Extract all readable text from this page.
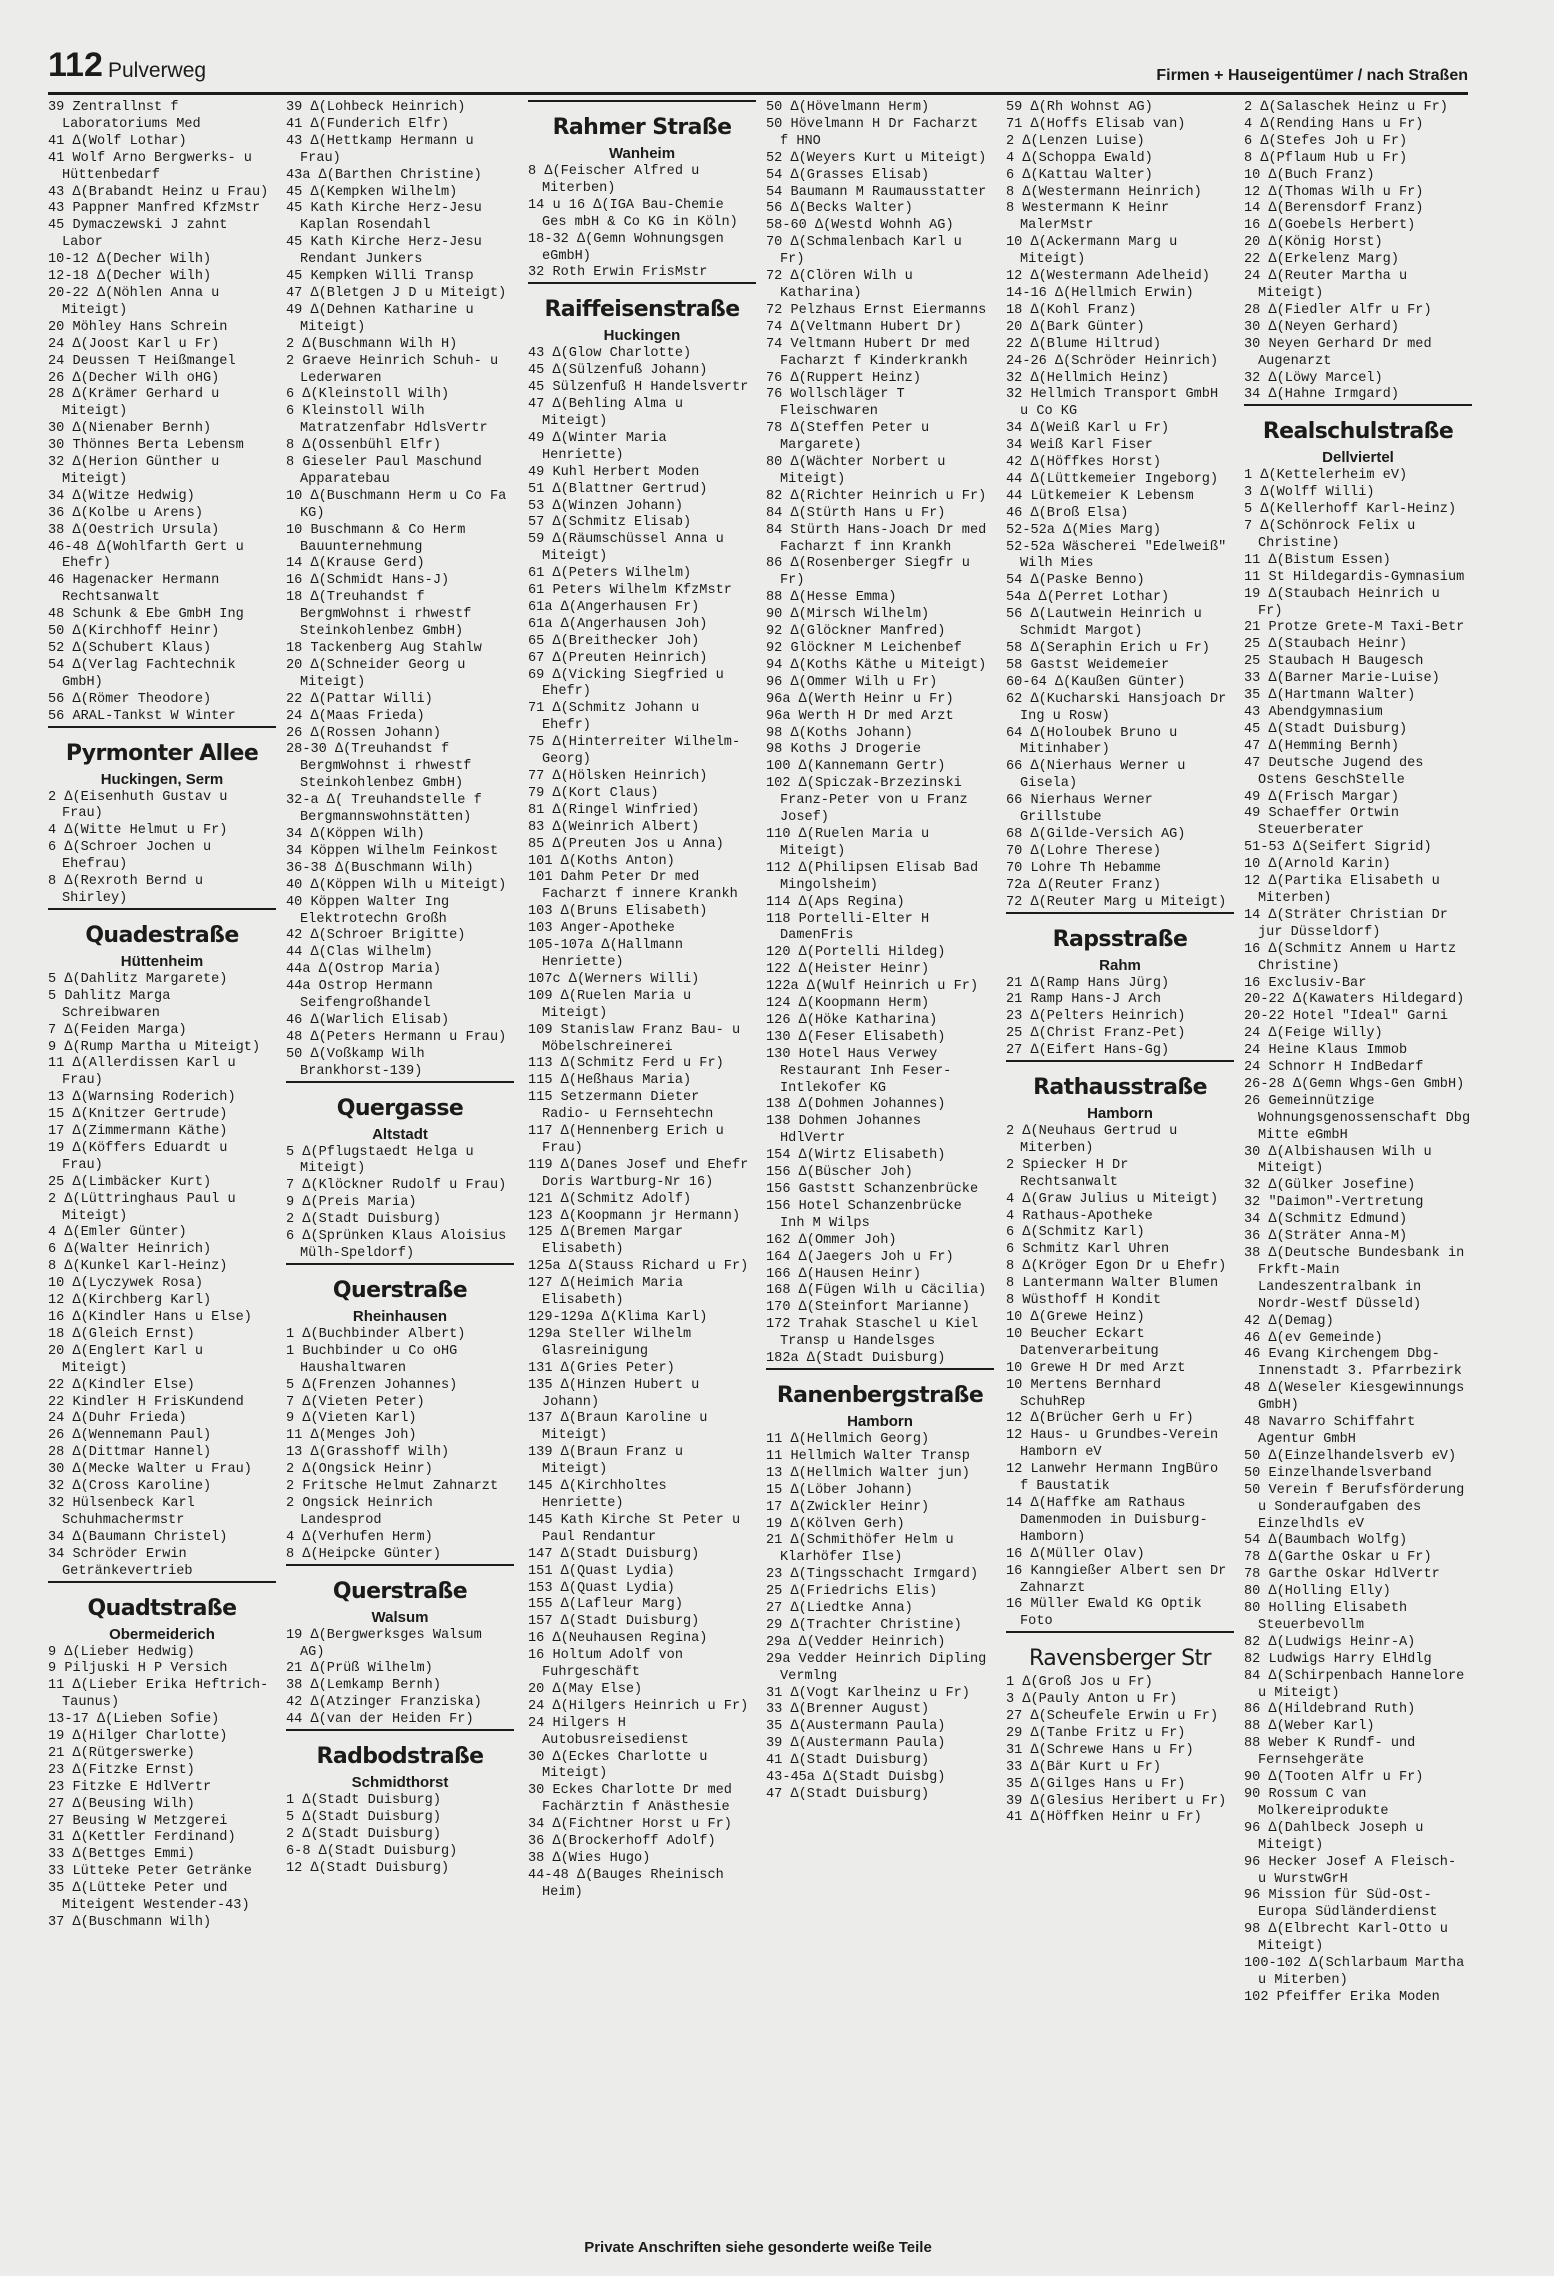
112 Pulverweg	Firmen + Hauseigentümer / nach Straßen
39 Zentrallnst f Laboratoriums Med
41 ∆(Wolf Lothar)
41 Wolf Arno Bergwerks- u Hüttenbedarf
43 ∆(Brabandt Heinz u Frau)
43 Pappner Manfred KfzMstr
45 Dymaczewski J zahnt Labor
10-12 ∆(Decher Wilh)
12-18 ∆(Decher Wilh)
20-22 ∆(Nöhlen Anna u Miteigt)
20 Möhley Hans Schrein
24 ∆(Joost Karl u Fr)
24 Deussen T Heißmangel
26 ∆(Decher Wilh oHG)
28 ∆(Krämer Gerhard u Miteigt)
30 ∆(Nienaber Bernh)
30 Thönnes Berta Lebensm
32 ∆(Herion Günther u Miteigt)
34 ∆(Witze Hedwig)
36 ∆(Kolbe u Arens)
38 ∆(Oestrich Ursula)
46-48 ∆(Wohlfarth Gert u Ehefr)
46 Hagenacker Hermann Rechtsanwalt
48 Schunk & Ebe GmbH Ing
50 ∆(Kirchhoff Heinr)
52 ∆(Schubert Klaus)
54 ∆(Verlag Fachtechnik GmbH)
56 ∆(Römer Theodore)
56 ARAL-Tankst W Winter
Pyrmonter Allee
Huckingen, Serm
2 ∆(Eisenhuth Gustav u Frau)
4 ∆(Witte Helmut u Fr)
6 ∆(Schroer Jochen u Ehefrau)
8 ∆(Rexroth Bernd u Shirley)
Quadestraße
Hüttenheim
5 ∆(Dahlitz Margarete)
5 Dahlitz Marga Schreibwaren
7 ∆(Feiden Marga)
9 ∆(Rump Martha u Miteigt)
11 ∆(Allerdissen Karl u Frau)
13 ∆(Warnsing Roderich)
15 ∆(Knitzer Gertrude)
17 ∆(Zimmermann Käthe)
19 ∆(Köffers Eduardt u Frau)
25 ∆(Limbäcker Kurt)
2 ∆(Lüttringhaus Paul u Miteigt)
4 ∆(Emler Günter)
6 ∆(Walter Heinrich)
8 ∆(Kunkel Karl-Heinz)
10 ∆(Lyczywek Rosa)
12 ∆(Kirchberg Karl)
16 ∆(Kindler Hans u Else)
18 ∆(Gleich Ernst)
20 ∆(Englert Karl u Miteigt)
22 ∆(Kindler Else)
22 Kindler H FrisKundend
24 ∆(Duhr Frieda)
26 ∆(Wennemann Paul)
28 ∆(Dittmar Hannel)
30 ∆(Mecke Walter u Frau)
32 ∆(Cross Karoline)
32 Hülsenbeck Karl Schuhmachermstr
34 ∆(Baumann Christel)
34 Schröder Erwin Getränkevertrieb
Quadtstraße
Obermeiderich
9 ∆(Lieber Hedwig)
9 Piljuski H P Versich
11 ∆(Lieber Erika Heftrich-Taunus)
13-17 ∆(Lieben Sofie)
19 ∆(Hilger Charlotte)
21 ∆(Rütgerswerke)
23 ∆(Fitzke Ernst)
23 Fitzke E HdlVertr
27 ∆(Beusing Wilh)
27 Beusing W Metzgerei
31 ∆(Kettler Ferdinand)
33 ∆(Bettges Emmi)
33 Lütteke Peter Getränke
35 ∆(Lütteke Peter und Miteigent Westender-43)
37 ∆(Buschmann Wilh)
39 ∆(Lohbeck Heinrich)
41 ∆(Funderich Elfr)
43 ∆(Hettkamp Hermann u Frau)
43a ∆(Barthen Christine)
45 ∆(Kempken Wilhelm)
45 Kath Kirche Herz-Jesu Kaplan Rosendahl
45 Kath Kirche Herz-Jesu Rendant Junkers
45 Kempken Willi Transp
47 ∆(Bletgen J D u Miteigt)
49 ∆(Dehnen Katharine u Miteigt)
2 ∆(Buschmann Wilh H)
2 Graeve Heinrich Schuh- u Lederwaren
6 ∆(Kleinstoll Wilh)
6 Kleinstoll Wilh Matratzenfabr HdlsVertr
8 ∆(Ossenbühl Elfr)
8 Gieseler Paul Maschund Apparatebau
10 ∆(Buschmann Herm u Co Fa KG)
10 Buschmann & Co Herm Bauunternehmung
14 ∆(Krause Gerd)
16 ∆(Schmidt Hans-J)
18 ∆(Treuhandst f BergmWohnst i rhwestf Steinkohlenbez GmbH)
18 Tackenberg Aug Stahlw
20 ∆(Schneider Georg u Miteigt)
22 ∆(Pattar Willi)
24 ∆(Maas Frieda)
26 ∆(Rossen Johann)
28-30 ∆(Treuhandst f BergmWohnst i rhwestf Steinkohlenbez GmbH)
32-a ∆( Treuhandstelle f Bergmannswohnstätten)
34 ∆(Köppen Wilh)
34 Köppen Wilhelm Feinkost
36-38 ∆(Buschmann Wilh)
40 ∆(Köppen Wilh u Miteigt)
40 Köppen Walter Ing Elektrotechn Großh
42 ∆(Schroer Brigitte)
44 ∆(Clas Wilhelm)
44a ∆(Ostrop Maria)
44a Ostrop Hermann Seifengroßhandel
46 ∆(Warlich Elisab)
48 ∆(Peters Hermann u Frau)
50 ∆(Voßkamp Wilh Brankhorst-139)
Quergasse
Altstadt
5 ∆(Pflugstaedt Helga u Miteigt)
7 ∆(Klöckner Rudolf u Frau)
9 ∆(Preis Maria)
2 ∆(Stadt Duisburg)
6 ∆(Sprünken Klaus Aloisius Mülh-Speldorf)
Querstraße
Rheinhausen
1 ∆(Buchbinder Albert)
1 Buchbinder u Co oHG Haushaltwaren
5 ∆(Frenzen Johannes)
7 ∆(Vieten Peter)
9 ∆(Vieten Karl)
11 ∆(Menges Joh)
13 ∆(Grasshoff Wilh)
2 ∆(Ongsick Heinr)
2 Fritsche Helmut Zahnarzt
2 Ongsick Heinrich Landesprod
4 ∆(Verhufen Herm)
8 ∆(Heipcke Günter)
Querstraße
Walsum
19 ∆(Bergwerksges Walsum AG)
21 ∆(Prüß Wilhelm)
38 ∆(Lemkamp Bernh)
42 ∆(Atzinger Franziska)
44 ∆(van der Heiden Fr)
Radbodstraße
Schmidthorst
1 ∆(Stadt Duisburg)
5 ∆(Stadt Duisburg)
2 ∆(Stadt Duisburg)
6-8 ∆(Stadt Duisburg)
12 ∆(Stadt Duisburg)
Rahmer Straße
Wanheim
8 ∆(Feischer Alfred u Miterben)
14 u 16 ∆(IGA Bau-Chemie Ges mbH & Co KG in Köln)
18-32 ∆(Gemn Wohnungsgen eGmbH)
32 Roth Erwin FrisMstr
Raiffeisenstraße
Huckingen
43 ∆(Glow Charlotte)
45 ∆(Sülzenfuß Johann)
45 Sülzenfuß H Handelsvertr
47 ∆(Behling Alma u Miteigt)
49 ∆(Winter Maria Henriette)
49 Kuhl Herbert Moden
51 ∆(Blattner Gertrud)
53 ∆(Winzen Johann)
57 ∆(Schmitz Elisab)
59 ∆(Räumschüssel Anna u Miteigt)
61 ∆(Peters Wilhelm)
61 Peters Wilhelm KfzMstr
61a ∆(Angerhausen Fr)
61a ∆(Angerhausen Joh)
65 ∆(Breithecker Joh)
67 ∆(Preuten Heinrich)
69 ∆(Vicking Siegfried u Ehefr)
71 ∆(Schmitz Johann u Ehefr)
75 ∆(Hinterreiter Wilhelm-Georg)
77 ∆(Hölsken Heinrich)
79 ∆(Kort Claus)
81 ∆(Ringel Winfried)
83 ∆(Weinrich Albert)
85 ∆(Preuten Jos u Anna)
101 ∆(Koths Anton)
101 Dahm Peter Dr med Facharzt f innere Krankh
103 ∆(Bruns Elisabeth)
103 Anger-Apotheke
105-107a ∆(Hallmann Henriette)
107c ∆(Werners Willi)
109 ∆(Ruelen Maria u Miteigt)
109 Stanislaw Franz Bau- u Möbelschreinerei
113 ∆(Schmitz Ferd u Fr)
115 ∆(Heßhaus Maria)
115 Setzermann Dieter Radio- u Fernsehtechn
117 ∆(Hennenberg Erich u Frau)
119 ∆(Danes Josef und Ehefr Doris Wartburg-Nr 16)
121 ∆(Schmitz Adolf)
123 ∆(Koopmann jr Hermann)
125 ∆(Bremen Margar Elisabeth)
125a ∆(Stauss Richard u Fr)
127 ∆(Heimich Maria Elisabeth)
129-129a ∆(Klima Karl)
129a Steller Wilhelm Glasreinigung
131 ∆(Gries Peter)
135 ∆(Hinzen Hubert u Johann)
137 ∆(Braun Karoline u Miteigt)
139 ∆(Braun Franz u Miteigt)
145 ∆(Kirchholtes Henriette)
145 Kath Kirche St Peter u Paul Rendantur
147 ∆(Stadt Duisburg)
151 ∆(Quast Lydia)
153 ∆(Quast Lydia)
155 ∆(Lafleur Marg)
157 ∆(Stadt Duisburg)
16 ∆(Neuhausen Regina)
16 Holtum Adolf von Fuhrgeschäft
20 ∆(May Else)
24 ∆(Hilgers Heinrich u Fr)
24 Hilgers H Autobusreisedienst
30 ∆(Eckes Charlotte u Miteigt)
30 Eckes Charlotte Dr med Fachärztin f Anästhesie
34 ∆(Fichtner Horst u Fr)
36 ∆(Brockerhoff Adolf)
38 ∆(Wies Hugo)
44-48 ∆(Bauges Rheinisch Heim)
50 ∆(Hövelmann Herm)
50 Hövelmann H Dr Facharzt f HNO
52 ∆(Weyers Kurt u Miteigt)
54 ∆(Grasses Elisab)
54 Baumann M Raumausstatter
56 ∆(Becks Walter)
58-60 ∆(Westd Wohnh AG)
70 ∆(Schmalenbach Karl u Fr)
72 ∆(Clören Wilh u Katharina)
72 Pelzhaus Ernst Eiermanns
74 ∆(Veltmann Hubert Dr)
74 Veltmann Hubert Dr med Facharzt f Kinderkrankh
76 ∆(Ruppert Heinz)
76 Wollschläger T Fleischwaren
78 ∆(Steffen Peter u Margarete)
80 ∆(Wächter Norbert u Miteigt)
82 ∆(Richter Heinrich u Fr)
84 ∆(Stürth Hans u Fr)
84 Stürth Hans-Joach Dr med Facharzt f inn Krankh
86 ∆(Rosenberger Siegfr u Fr)
88 ∆(Hesse Emma)
90 ∆(Mirsch Wilhelm)
92 ∆(Glöckner Manfred)
92 Glöckner M Leichenbef
94 ∆(Koths Käthe u Miteigt)
96 ∆(Ommer Wilh u Fr)
96a ∆(Werth Heinr u Fr)
96a Werth H Dr med Arzt
98 ∆(Koths Johann)
98 Koths J Drogerie
100 ∆(Kannemann Gertr)
102 ∆(Spiczak-Brzezinski Franz-Peter von u Franz Josef)
110 ∆(Ruelen Maria u Miteigt)
112 ∆(Philipsen Elisab Bad Mingolsheim)
114 ∆(Aps Regina)
118 Portelli-Elter H DamenFris
120 ∆(Portelli Hildeg)
122 ∆(Heister Heinr)
122a ∆(Wulf Heinrich u Fr)
124 ∆(Koopmann Herm)
126 ∆(Höke Katharina)
130 ∆(Feser Elisabeth)
130 Hotel Haus Verwey Restaurant Inh Feser-Intlekofer KG
138 ∆(Dohmen Johannes)
138 Dohmen Johannes HdlVertr
154 ∆(Wirtz Elisabeth)
156 ∆(Büscher Joh)
156 Gaststt Schanzenbrücke
156 Hotel Schanzenbrücke Inh M Wilps
162 ∆(Ommer Joh)
164 ∆(Jaegers Joh u Fr)
166 ∆(Hausen Heinr)
168 ∆(Fügen Wilh u Cäcilia)
170 ∆(Steinfort Marianne)
172 Trahak Staschel u Kiel Transp u Handelsges
182a ∆(Stadt Duisburg)
Ranenbergstraße
Hamborn
11 ∆(Hellmich Georg)
11 Hellmich Walter Transp
13 ∆(Hellmich Walter jun)
15 ∆(Löber Johann)
17 ∆(Zwickler Heinr)
19 ∆(Kölven Gerh)
21 ∆(Schmithöfer Helm u Klarhöfer Ilse)
23 ∆(Tingsschacht Irmgard)
25 ∆(Friedrichs Elis)
27 ∆(Liedtke Anna)
29 ∆(Trachter Christine)
29a ∆(Vedder Heinrich)
29a Vedder Heinrich Dipling Vermlng
31 ∆(Vogt Karlheinz u Fr)
33 ∆(Brenner August)
35 ∆(Austermann Paula)
39 ∆(Austermann Paula)
41 ∆(Stadt Duisburg)
43-45a ∆(Stadt Duisbg)
47 ∆(Stadt Duisburg)
59 ∆(Rh Wohnst AG)
71 ∆(Hoffs Elisab van)
2 ∆(Lenzen Luise)
4 ∆(Schoppa Ewald)
6 ∆(Kattau Walter)
8 ∆(Westermann Heinrich)
8 Westermann K Heinr MalerMstr
10 ∆(Ackermann Marg u Miteigt)
12 ∆(Westermann Adelheid)
14-16 ∆(Hellmich Erwin)
18 ∆(Kohl Franz)
20 ∆(Bark Günter)
22 ∆(Blume Hiltrud)
24-26 ∆(Schröder Heinrich)
32 ∆(Hellmich Heinz)
32 Hellmich Transport GmbH u Co KG
34 ∆(Weiß Karl u Fr)
34 Weiß Karl Fiser
42 ∆(Höffkes Horst)
44 ∆(Lüttkemeier Ingeborg)
44 Lütkemeier K Lebensm
46 ∆(Broß Elsa)
52-52a ∆(Mies Marg)
52-52a Wäscherei "Edelweiß" Wilh Mies
54 ∆(Paske Benno)
54a ∆(Perret Lothar)
56 ∆(Lautwein Heinrich u Schmidt Margot)
58 ∆(Seraphin Erich u Fr)
58 Gastst Weidemeier
60-64 ∆(Kaußen Günter)
62 ∆(Kucharski Hansjoach Dr Ing u Rosw)
64 ∆(Holoubek Bruno u Mitinhaber)
66 ∆(Nierhaus Werner u Gisela)
66 Nierhaus Werner Grillstube
68 ∆(Gilde-Versich AG)
70 ∆(Lohre Therese)
70 Lohre Th Hebamme
72a ∆(Reuter Franz)
72 ∆(Reuter Marg u Miteigt)
Rapsstraße
Rahm
21 ∆(Ramp Hans Jürg)
21 Ramp Hans-J Arch
23 ∆(Pelters Heinrich)
25 ∆(Christ Franz-Pet)
27 ∆(Eifert Hans-Gg)
Rathausstraße
Hamborn
2 ∆(Neuhaus Gertrud u Miterben)
2 Spiecker H Dr Rechtsanwalt
4 ∆(Graw Julius u Miteigt)
4 Rathaus-Apotheke
6 ∆(Schmitz Karl)
6 Schmitz Karl Uhren
8 ∆(Kröger Egon Dr u Ehefr)
8 Lantermann Walter Blumen
8 Wüsthoff H Kondit
10 ∆(Grewe Heinz)
10 Beucher Eckart Datenverarbeitung
10 Grewe H Dr med Arzt
10 Mertens Bernhard SchuhRep
12 ∆(Brücher Gerh u Fr)
12 Haus- u Grundbes-Verein Hamborn eV
12 Lanwehr Hermann IngBüro f Baustatik
14 ∆(Haffke am Rathaus Damenmoden in Duisburg-Hamborn)
16 ∆(Müller Olav)
16 Kanngießer Albert sen Dr Zahnarzt
16 Müller Ewald KG Optik Foto
Ravensberger Str
1 ∆(Groß Jos u Fr)
3 ∆(Pauly Anton u Fr)
27 ∆(Scheufele Erwin u Fr)
29 ∆(Tanbe Fritz u Fr)
31 ∆(Schrewe Hans u Fr)
33 ∆(Bär Kurt u Fr)
35 ∆(Gilges Hans u Fr)
39 ∆(Glesius Heribert u Fr)
41 ∆(Höffken Heinr u Fr)
2 ∆(Salaschek Heinz u Fr)
4 ∆(Rending Hans u Fr)
6 ∆(Stefes Joh u Fr)
8 ∆(Pflaum Hub u Fr)
10 ∆(Buch Franz)
12 ∆(Thomas Wilh u Fr)
14 ∆(Berensdorf Franz)
16 ∆(Goebels Herbert)
20 ∆(König Horst)
22 ∆(Erkelenz Marg)
24 ∆(Reuter Martha u Miteigt)
28 ∆(Fiedler Alfr u Fr)
30 ∆(Neyen Gerhard)
30 Neyen Gerhard Dr med Augenarzt
32 ∆(Löwy Marcel)
34 ∆(Hahne Irmgard)
Realschulstraße
Dellviertel
1 ∆(Kettelerheim eV)
3 ∆(Wolff Willi)
5 ∆(Kellerhoff Karl-Heinz)
7 ∆(Schönrock Felix u Christine)
11 ∆(Bistum Essen)
11 St Hildegardis-Gymnasium
19 ∆(Staubach Heinrich u Fr)
21 Protze Grete-M Taxi-Betr
25 ∆(Staubach Heinr)
25 Staubach H Baugesch
33 ∆(Barner Marie-Luise)
35 ∆(Hartmann Walter)
43 Abendgymnasium
45 ∆(Stadt Duisburg)
47 ∆(Hemming Bernh)
47 Deutsche Jugend des Ostens GeschStelle
49 ∆(Frisch Margar)
49 Schaeffer Ortwin Steuerberater
51-53 ∆(Seifert Sigrid)
10 ∆(Arnold Karin)
12 ∆(Partika Elisabeth u Miterben)
14 ∆(Sträter Christian Dr jur Düsseldorf)
16 ∆(Schmitz Annem u Hartz Christine)
16 Exclusiv-Bar
20-22 ∆(Kawaters Hildegard)
20-22 Hotel "Ideal" Garni
24 ∆(Feige Willy)
24 Heine Klaus Immob
24 Schnorr H IndBedarf
26-28 ∆(Gemn Whgs-Gen GmbH)
26 Gemeinnützige Wohnungsgenossenschaft Dbg Mitte eGmbH
30 ∆(Albishausen Wilh u Miteigt)
32 ∆(Gülker Josefine)
32 "Daimon"-Vertretung
34 ∆(Schmitz Edmund)
36 ∆(Sträter Anna-M)
38 ∆(Deutsche Bundesbank in Frkft-Main Landeszentralbank in Nordr-Westf Düsseld)
42 ∆(Demag)
46 ∆(ev Gemeinde)
46 Evang Kirchengem Dbg-Innenstadt 3. Pfarrbezirk
48 ∆(Weseler Kiesgewinnungs GmbH)
48 Navarro Schiffahrt Agentur GmbH
50 ∆(Einzelhandelsverb eV)
50 Einzelhandelsverband
50 Verein f Berufsförderung u Sonderaufgaben des Einzelhdls eV
54 ∆(Baumbach Wolfg)
78 ∆(Garthe Oskar u Fr)
78 Garthe Oskar HdlVertr
80 ∆(Holling Elly)
80 Holling Elisabeth Steuerbevollm
82 ∆(Ludwigs Heinr-A)
82 Ludwigs Harry ElHdlg
84 ∆(Schirpenbach Hannelore u Miteigt)
86 ∆(Hildebrand Ruth)
88 ∆(Weber Karl)
88 Weber K Rundf- und Fernsehgeräte
90 ∆(Tooten Alfr u Fr)
90 Rossum C van Molkereiprodukte
96 ∆(Dahlbeck Joseph u Miteigt)
96 Hecker Josef A Fleisch- u WurstwGrH
96 Mission für Süd-Ost-Europa Südländerdienst
98 ∆(Elbrecht Karl-Otto u Miteigt)
100-102 ∆(Schlarbaum Martha u Miterben)
102 Pfeiffer Erika Moden
Private Anschriften siehe gesonderte weiße Teile
